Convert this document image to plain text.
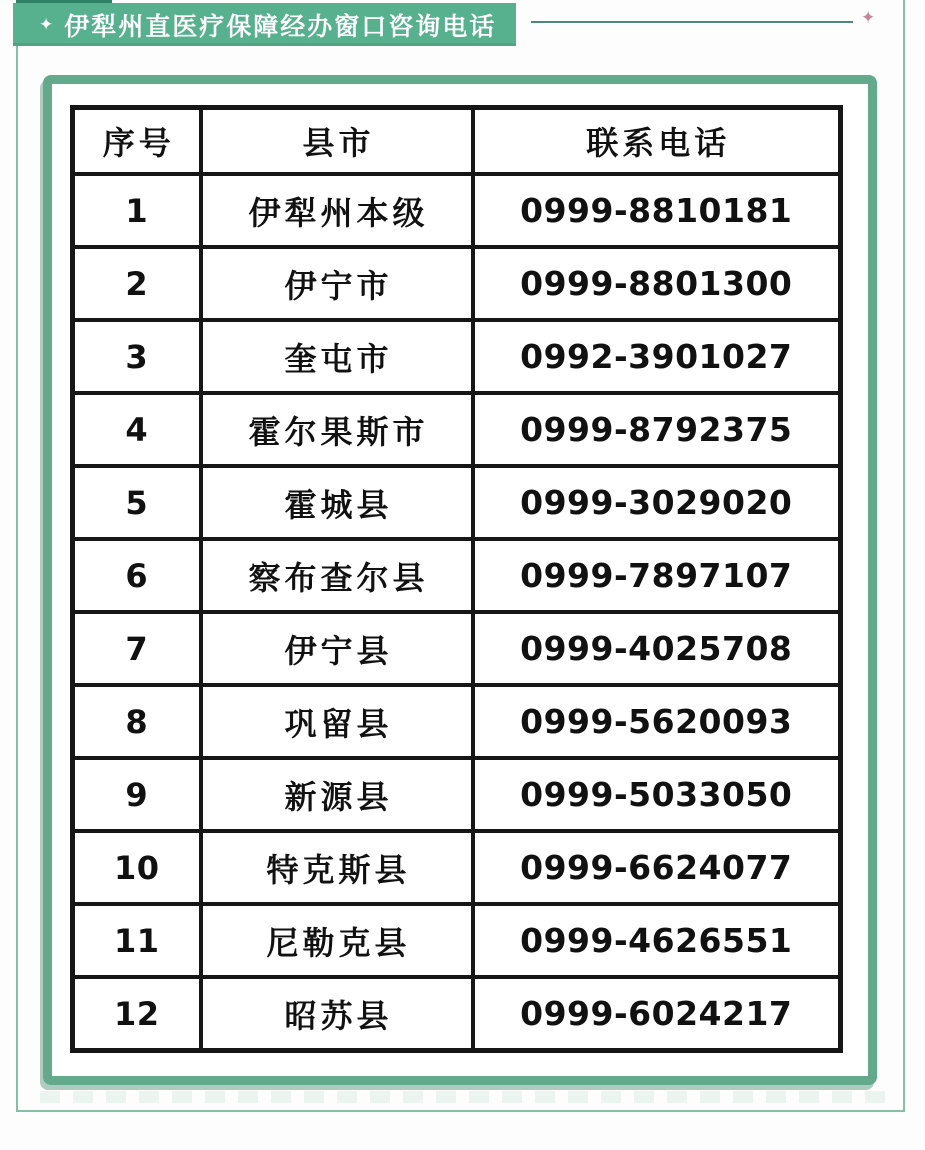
✦ 伊犁州直医疗保障经办窗口咨询电话	✦
序号	县市	联系电话
1	伊犁州本级	0999-8810181
2	伊宁市	0999-8801300
3	奎屯市	0992-3901027
4	霍尔果斯市	0999-8792375
5	霍城县	0999-3029020
6	察布查尔县	0999-7897107
7	伊宁县	0999-4025708
8	巩留县	0999-5620093
9	新源县	0999-5033050
10	特克斯县	0999-6624077
11	尼勒克县	0999-4626551
12	昭苏县	0999-6024217
